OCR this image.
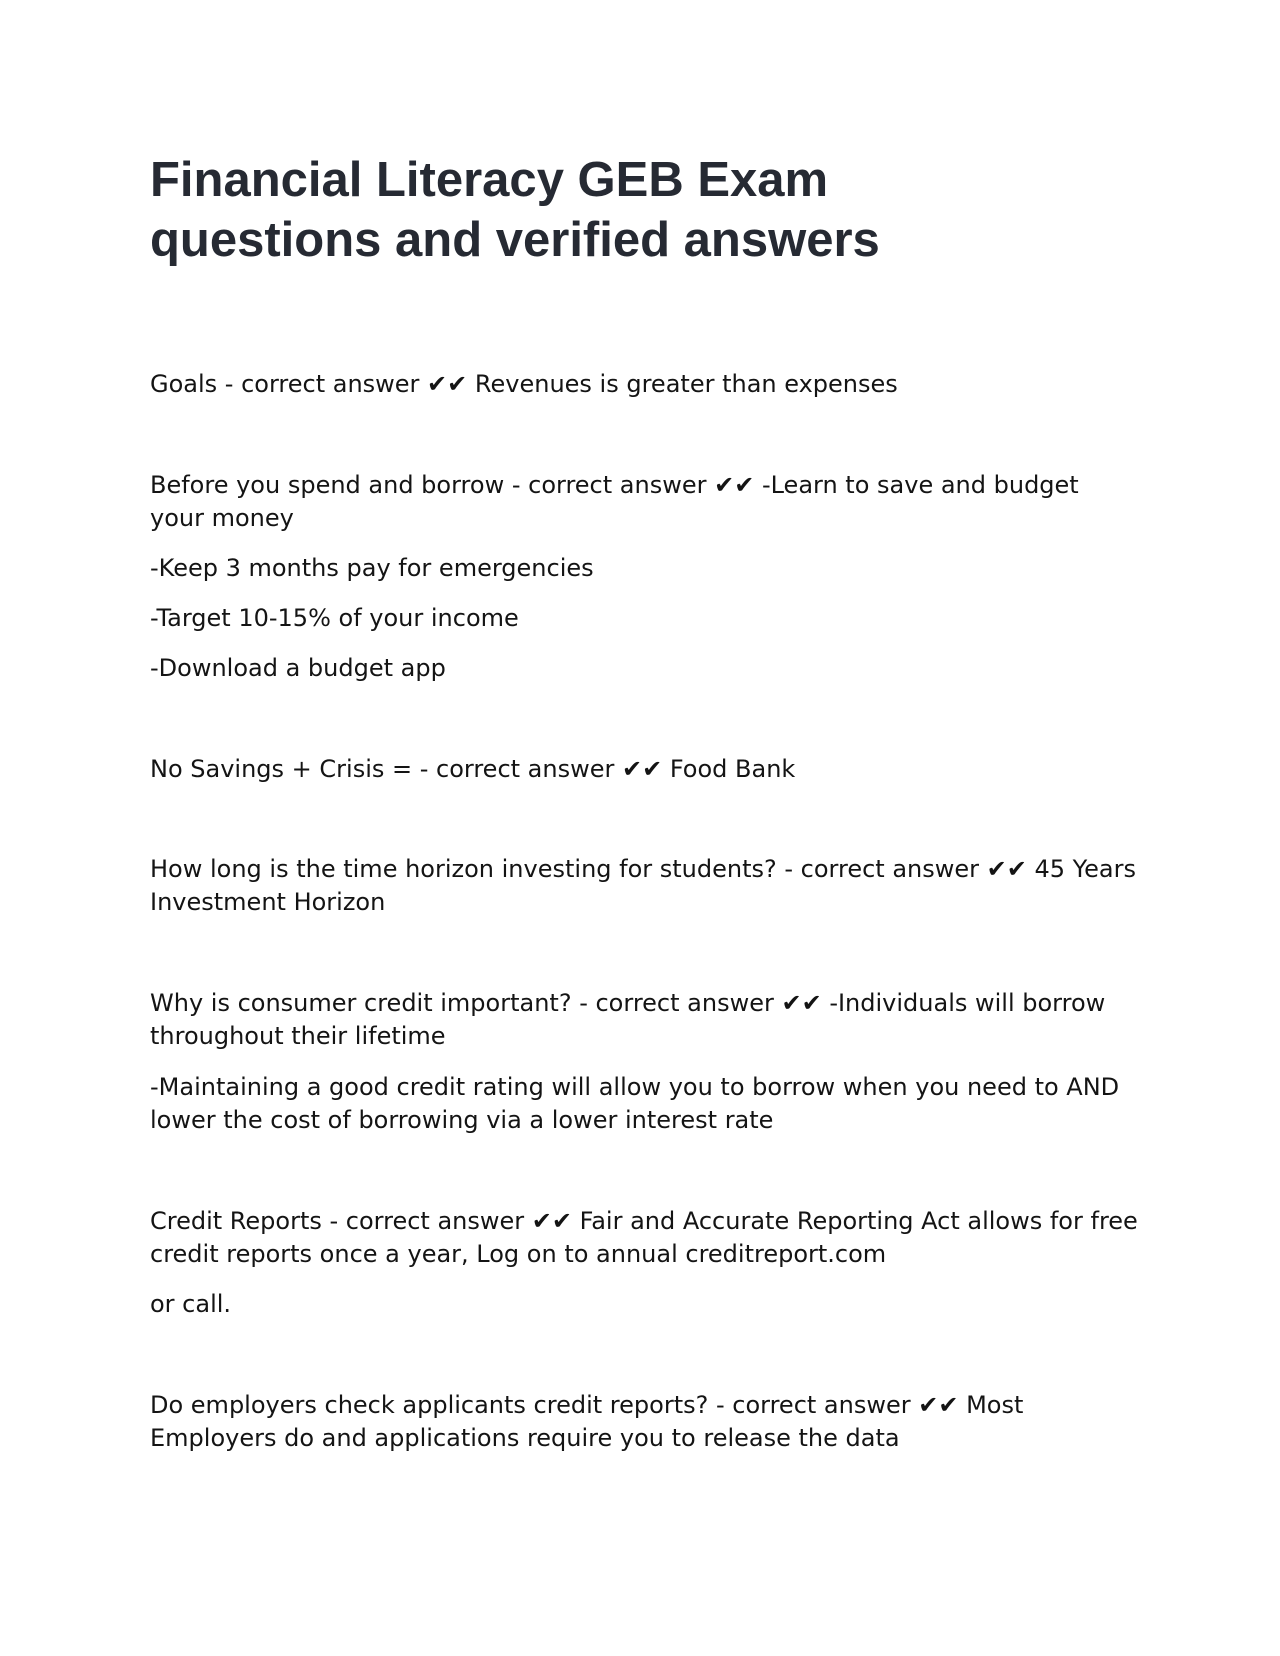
Financial Literacy GEB Exam
questions and verified answers

Goals - correct answer ✔✔ Revenues is greater than expenses

Before you spend and borrow - correct answer ✔✔ -Learn to save and budget your money

-Keep 3 months pay for emergencies

-Target 10-15% of your income

-Download a budget app

No Savings + Crisis = - correct answer ✔✔ Food Bank

How long is the time horizon investing for students? - correct answer ✔✔ 45 Years Investment Horizon

Why is consumer credit important? - correct answer ✔✔ -Individuals will borrow throughout their lifetime

-Maintaining a good credit rating will allow you to borrow when you need to AND lower the cost of borrowing via a lower interest rate

Credit Reports - correct answer ✔✔ Fair and Accurate Reporting Act allows for free credit reports once a year, Log on to annual creditreport.com

or call.

Do employers check applicants credit reports? - correct answer ✔✔ Most Employers do and applications require you to release the data
